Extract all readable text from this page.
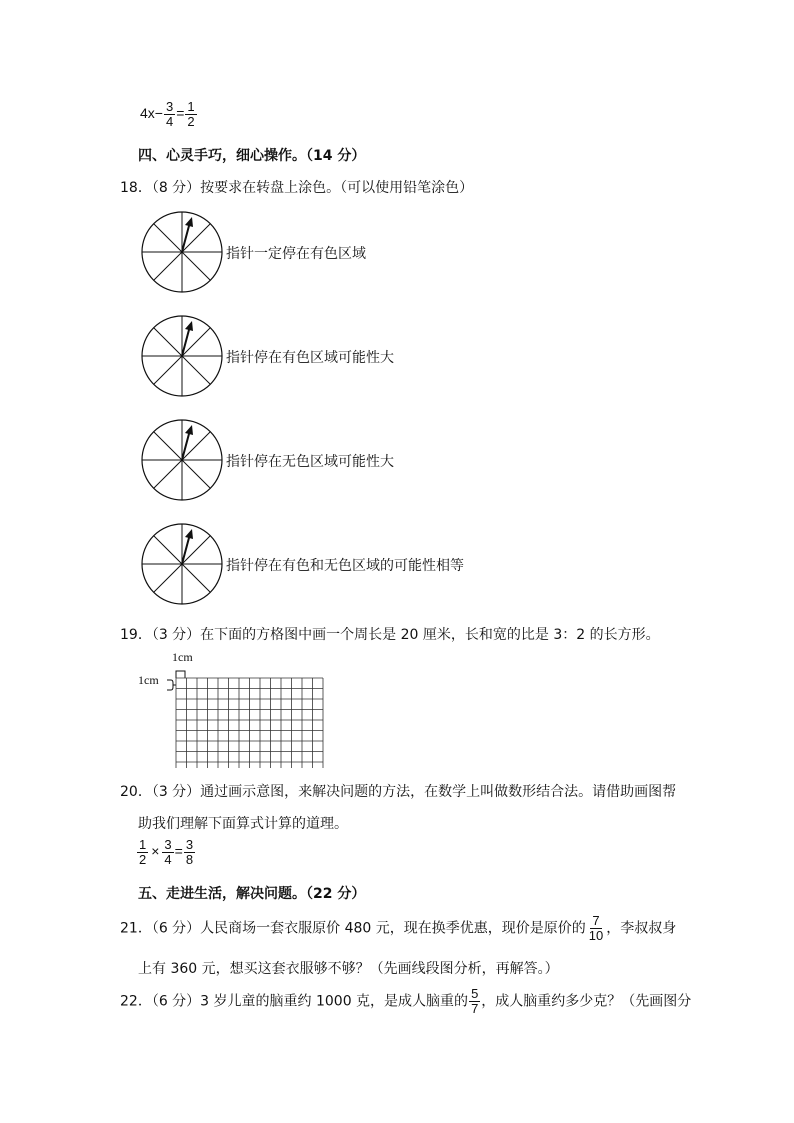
$4x- \frac{3}{4} = \frac{1}{2}$
四、心灵手巧，细心操作。（14 分）
18．（8 分）按要求在转盘上涂色。（可以使用铅笔涂色）
指针一定停在有色区域
指针停在有色区域可能性大
指针停在无色区域可能性大
指针停在有色和无色区域的可能性相等
19．（3 分）在下面的方格图中画一个周长是 20 厘米，长和宽的比是 3：2 的长方形。
1cm
1cm
20．（3 分）通过画示意图，来解决问题的方法，在数学上叫做数形结合法。请借助画图帮
助我们理解下面算式计算的道理。
$\frac{1}{2} \times \frac{3}{4} = \frac{3}{8}$
五、走进生活，解决问题。（22 分）
21．（6 分）人民商场一套衣服原价 480 元，现在换季优惠，现价是原价的 $\frac{7}{10}$ ，李叔叔身
上有 360 元，想买这套衣服够不够？（先画线段图分析，再解答。）
22．（6 分）3 岁儿童的脑重约 1000 克，是成人脑重的 $\frac{5}{7}$ ，成人脑重约多少克？（先画图分
